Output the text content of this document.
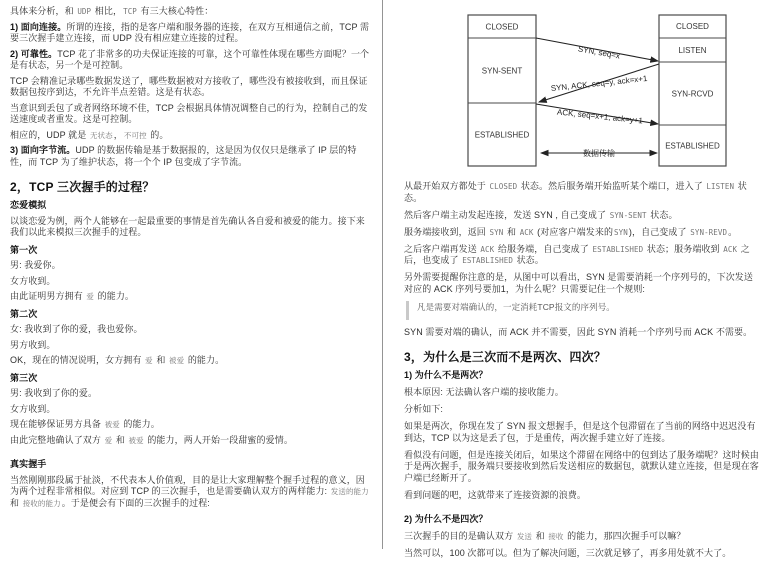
具体来分析，和 UDP 相比，TCP 有三大核心特性：

1) 面向连接。所谓的连接，指的是客户端和服务器的连接，在双方互相通信之前，TCP 需要三次握手建立连接，而 UDP 没有相应建立连接的过程。

2) 可靠性。TCP 花了非常多的功夫保证连接的可靠，这个可靠性体现在哪些方面呢？一个是有状态，另一个是可控制。

TCP 会精准记录哪些数据发送了，哪些数据被对方接收了，哪些没有被接收到，而且保证数据包按序到达，不允许半点差错。这是有状态。

当意识到丢包了或者网络环境不佳，TCP 会根据具体情况调整自己的行为，控制自己的发送速度或者重发。这是可控制。

相应的，UDP 就是 无状态，不可控 的。

3) 面向字节流。UDP 的数据传输是基于数据报的，这是因为仅仅只是继承了 IP 层的特性，而 TCP 为了维护状态，将一个个 IP 包变成了字节流。

2，TCP 三次握手的过程？

恋爱模拟

以谈恋爱为例，两个人能够在一起最重要的事情是首先确认各自爱和被爱的能力。接下来我们以此来模拟三次握手的过程。

第一次

男: 我爱你。

女方收到。

由此证明男方拥有 爱 的能力。

第二次

女: 我收到了你的爱，我也爱你。

男方收到。

OK，现在的情况说明，女方拥有 爱 和 被爱 的能力。

第三次

男: 我收到了你的爱。

女方收到。

现在能够保证男方具备 被爱 的能力。

由此完整地确认了双方 爱 和 被爱 的能力，两人开始一段甜蜜的爱情。

真实握手

当然刚刚那段属于扯淡，不代表本人价值观，目的是让大家理解整个握手过程的意义，因为两个过程非常相似。对应到 TCP 的三次握手，也是需要确认双方的两样能力: 发送的能力 和 接收的能力。于是便会有下面的三次握手的过程:

CLOSED
SYN-SENT
ESTABLISHED
CLOSED
LISTEN
SYN-RCVD
ESTABLISHED
SYN, seq=x
SYN, ACK, seq=y, ack=x+1
ACK, seq=x+1, ack=y+1
数据传输

从最开始双方都处于 CLOSED 状态。然后服务端开始监听某个端口，进入了 LISTEN 状态。

然后客户端主动发起连接，发送 SYN , 自己变成了 SYN-SENT 状态。

服务端接收到，返回 SYN 和 ACK (对应客户端发来的SYN)，自己变成了 SYN-REVD。

之后客户端再发送 ACK 给服务端，自己变成了 ESTABLISHED 状态；服务端收到 ACK 之后，也变成了 ESTABLISHED 状态。

另外需要提醒你注意的是，从图中可以看出，SYN 是需要消耗一个序列号的，下次发送对应的 ACK 序列号要加1，为什么呢？只需要记住一个规则:

凡是需要对端确认的，一定消耗TCP报文的序列号。

SYN 需要对端的确认，而 ACK 并不需要，因此 SYN 消耗一个序列号而 ACK 不需要。

3，为什么是三次而不是两次、四次？

1) 为什么不是两次？

根本原因: 无法确认客户端的接收能力。

分析如下:

如果是两次，你现在发了 SYN 报文想握手，但是这个包滞留在了当前的网络中迟迟没有到达，TCP 以为这是丢了包，于是重传，两次握手建立好了连接。

看似没有问题，但是连接关闭后，如果这个滞留在网络中的包到达了服务端呢？这时候由于是两次握手，服务端只要接收到然后发送相应的数据包，就默认建立连接，但是现在客户端已经断开了。

看到问题的吧，这就带来了连接资源的浪费。

2) 为什么不是四次？

三次握手的目的是确认双方 发送 和 接收 的能力，那四次握手可以嘛？

当然可以，100 次都可以。但为了解决问题，三次就足够了，再多用处就不大了。
